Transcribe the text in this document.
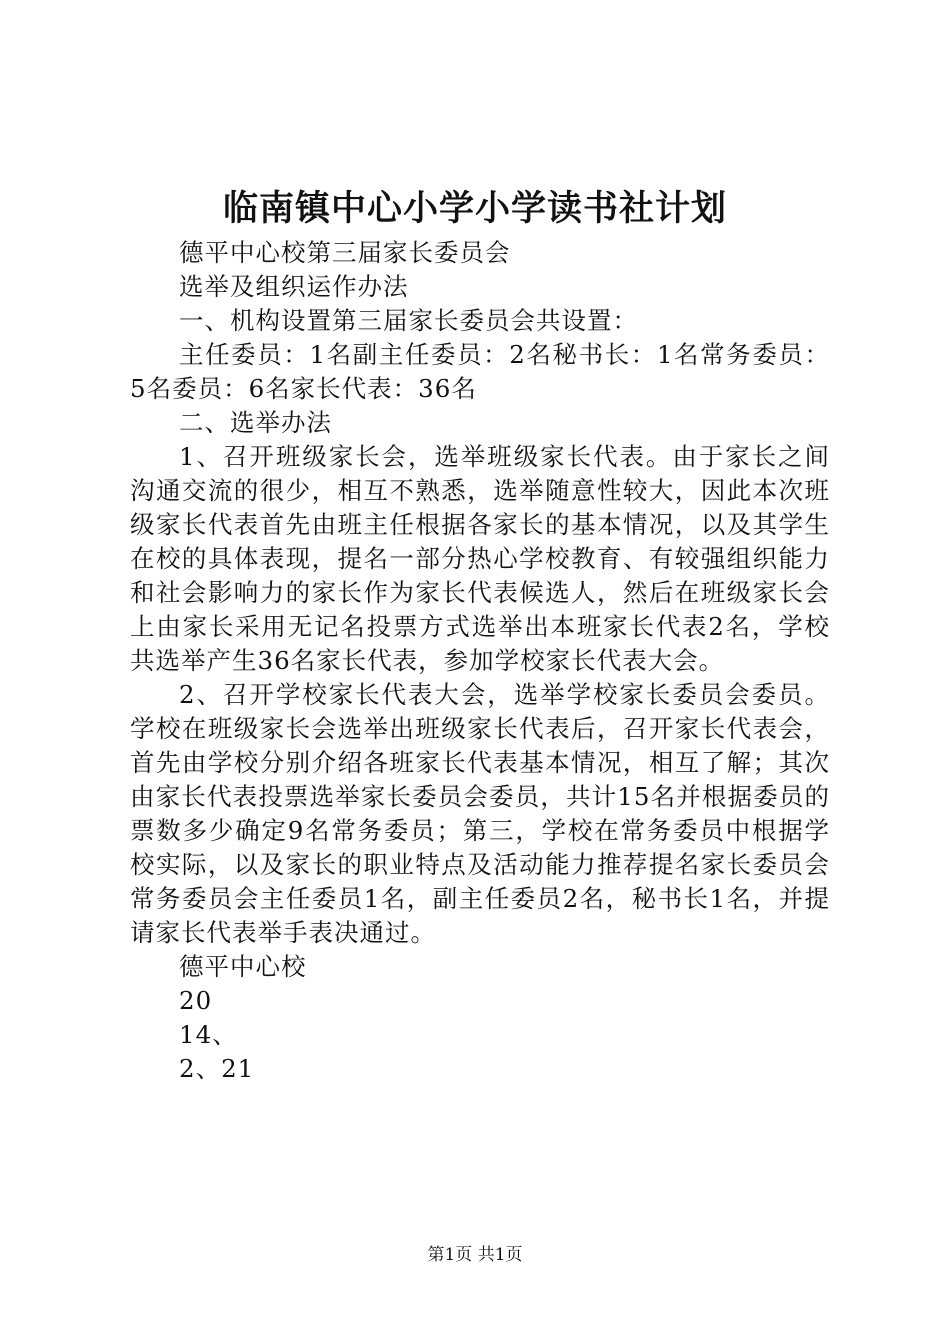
临南镇中心小学小学读书社计划

德平中心校第三届家长委员会

选举及组织运作办法

一、机构设置第三届家长委员会共设置：

主任委员：1名副主任委员：2名秘书长：1名常务委员：5名委员：6名家长代表：36名

二、选举办法

1、召开班级家长会，选举班级家长代表。由于家长之间沟通交流的很少，相互不熟悉，选举随意性较大，因此本次班级家长代表首先由班主任根据各家长的基本情况，以及其学生在校的具体表现，提名一部分热心学校教育、有较强组织能力和社会影响力的家长作为家长代表候选人，然后在班级家长会上由家长采用无记名投票方式选举出本班家长代表2名，学校共选举产生36名家长代表，参加学校家长代表大会。

2、召开学校家长代表大会，选举学校家长委员会委员。学校在班级家长会选举出班级家长代表后，召开家长代表会，首先由学校分别介绍各班家长代表基本情况，相互了解；其次由家长代表投票选举家长委员会委员，共计15名并根据委员的票数多少确定9名常务委员；第三，学校在常务委员中根据学校实际，以及家长的职业特点及活动能力推荐提名家长委员会常务委员会主任委员1名，副主任委员2名，秘书长1名，并提请家长代表举手表决通过。

德平中心校

20

14、

2、21

第1页 共1页
